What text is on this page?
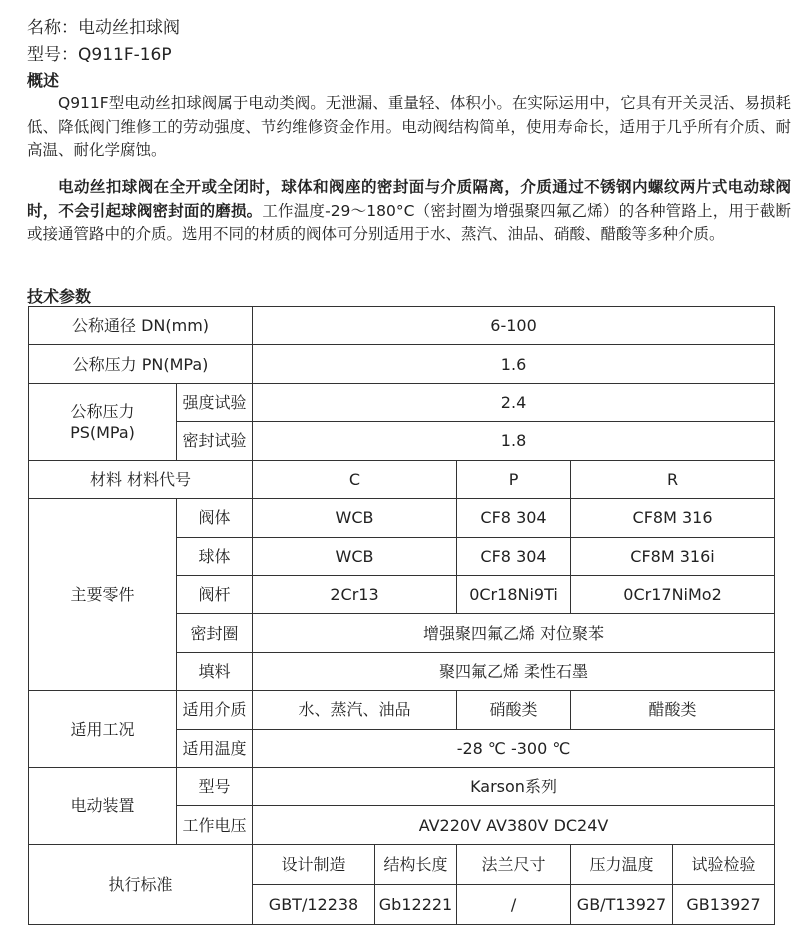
名称：电动丝扣球阀
型号：Q911F-16P
概述
Q911F型电动丝扣球阀属于电动类阀。无泄漏、重量轻、体积小。在实际运用中，它具有开关灵活、易损耗低、降低阀门维修工的劳动强度、节约维修资金作用。电动阀结构简单，使用寿命长，适用于几乎所有介质、耐高温、耐化学腐蚀。
电动丝扣球阀在全开或全闭时，球体和阀座的密封面与介质隔离，介质通过不锈钢内螺纹两片式电动球阀时，不会引起球阀密封面的磨损。工作温度-29～180°C（密封圈为增强聚四氟乙烯）的各种管路上，用于截断或接通管路中的介质。选用不同的材质的阀体可分别适用于水、蒸汽、油品、硝酸、醋酸等多种介质。
技术参数
公称通径 DN(mm)		6-100				
公称压力 PN(MPa)		1.6				
公称压力
PS(MPa)	强度试验	2.4				
	密封试验	1.8				
材料 材料代号		C		P	R	
主要零件	阀体	WCB		CF8 304	CF8M 316	
	球体	WCB		CF8 304	CF8M 316i	
	阀杆	2Cr13		0Cr18Ni9Ti	0Cr17NiMo2	
	密封圈	增强聚四氟乙烯 对位聚苯				
	填料	聚四氟乙烯 柔性石墨				
适用工况	适用介质	水、蒸汽、油品		硝酸类	醋酸类	
	适用温度	-28 ℃ -300 ℃				
电动装置	型号	Karson系列				
	工作电压	AV220V AV380V DC24V				
执行标准		设计制造	结构长度	法兰尺寸	压力温度	试验检验
		GBT/12238	Gb12221	/	GB/T13927	GB13927
